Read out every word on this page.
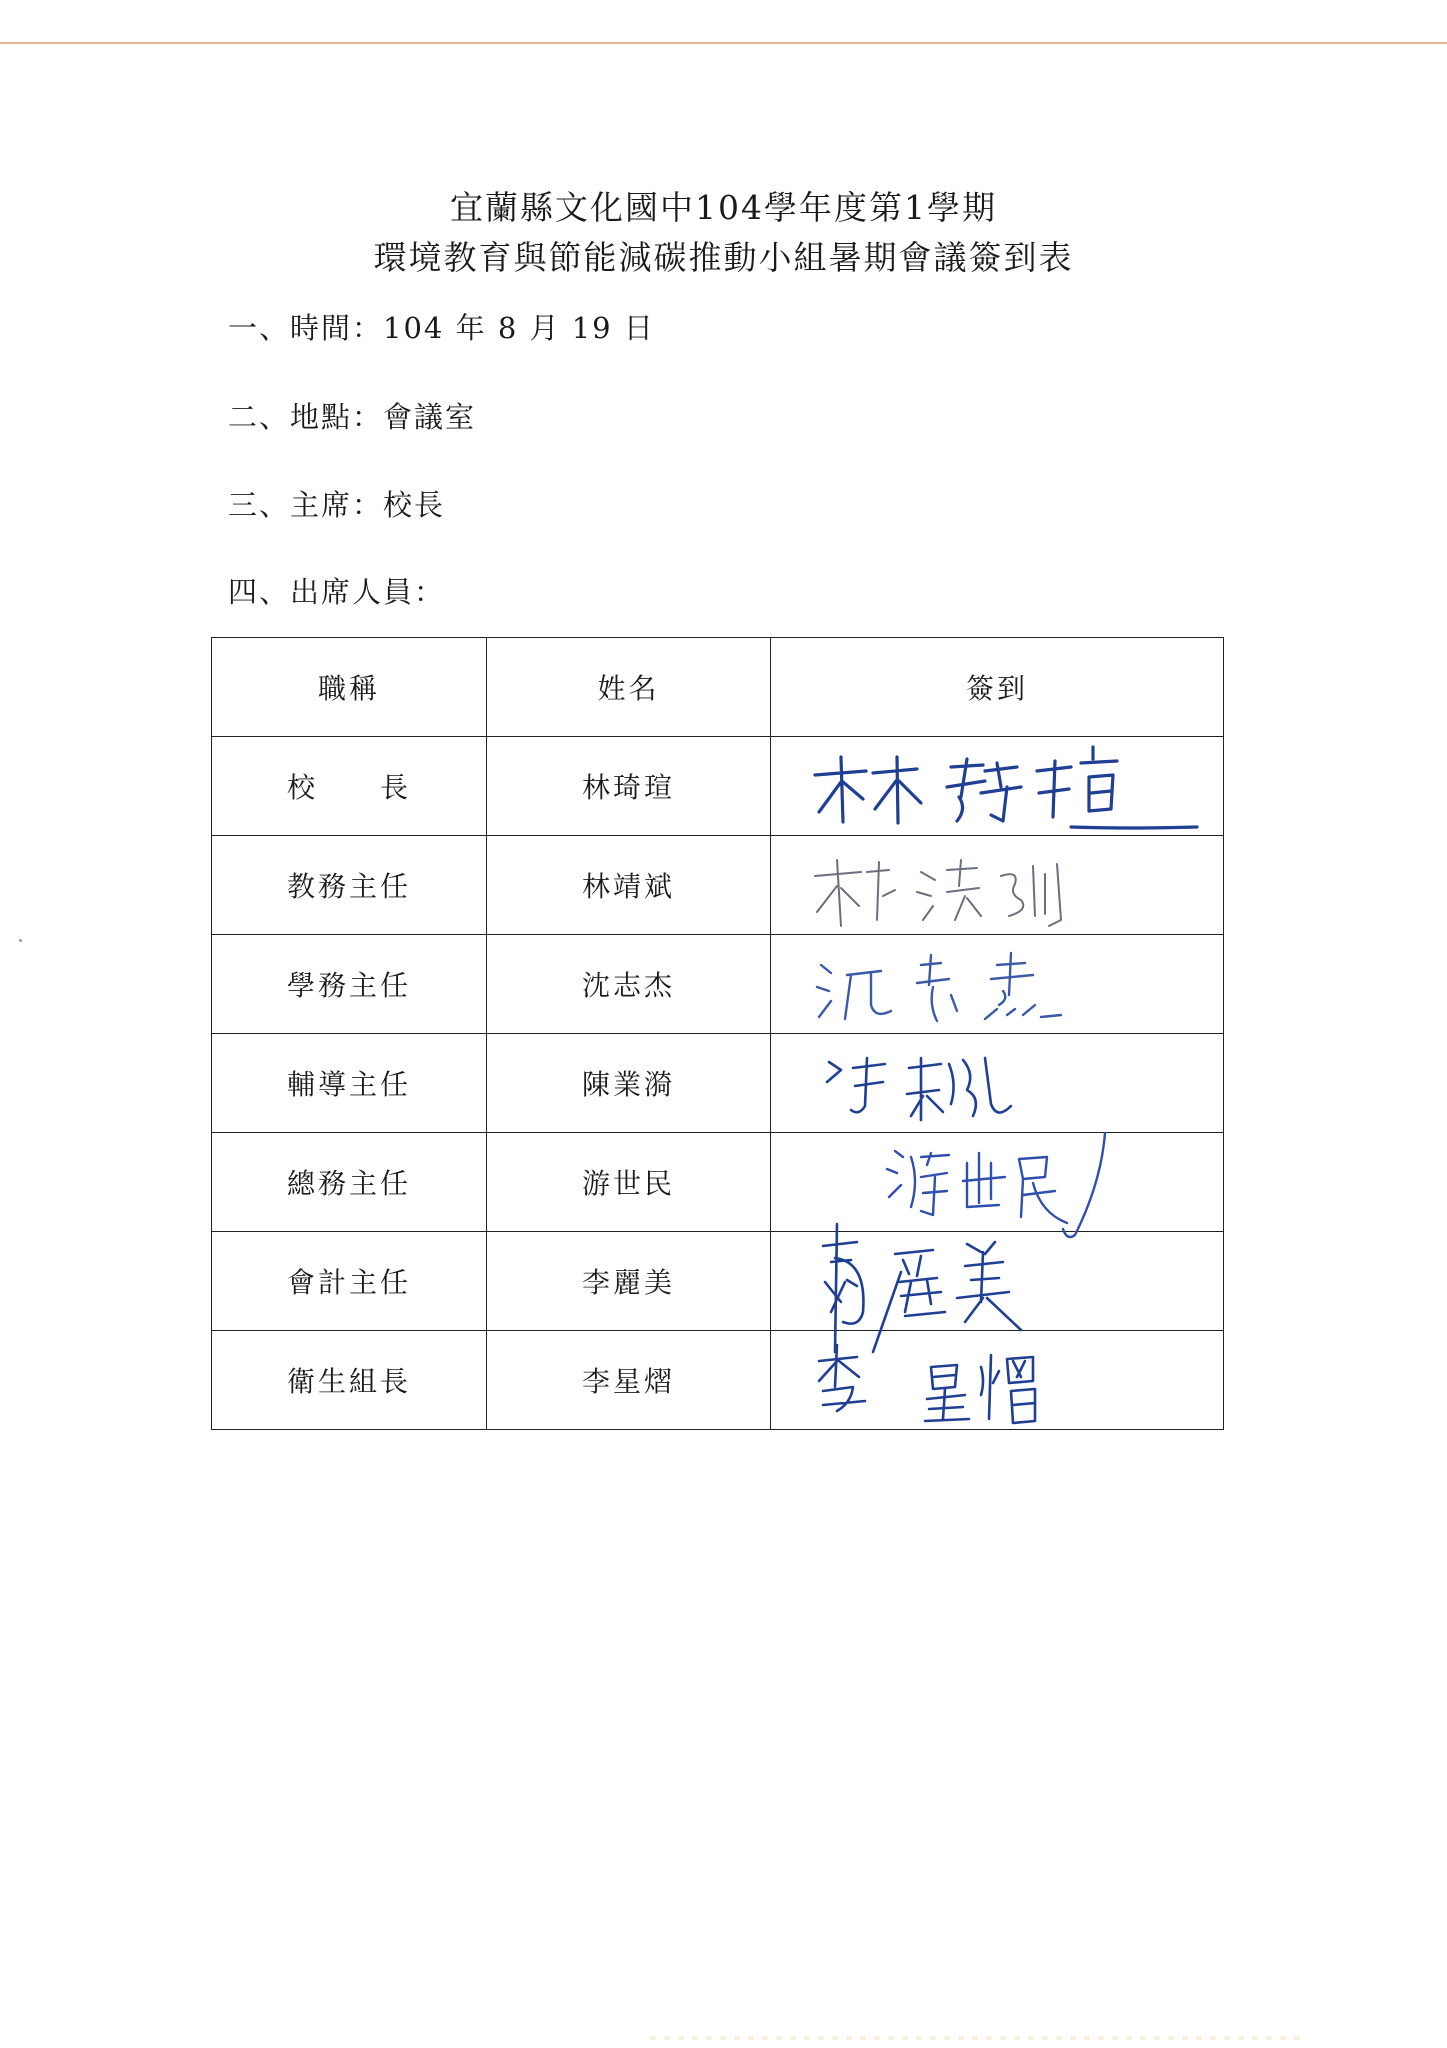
宜蘭縣文化國中104學年度第1學期
環境教育與節能減碳推動小組暑期會議簽到表
一、時間：104 年 8 月 19 日
二、地點：會議室
三、主席：校長
四、出席人員：
職稱	姓名	簽到
校　　長	林琦瑄	

教務主任	林靖斌	

學務主任	沈志杰	

輔導主任	陳業漪	

總務主任	游世民	

會計主任	李麗美	

衛生組長	李星熠	
